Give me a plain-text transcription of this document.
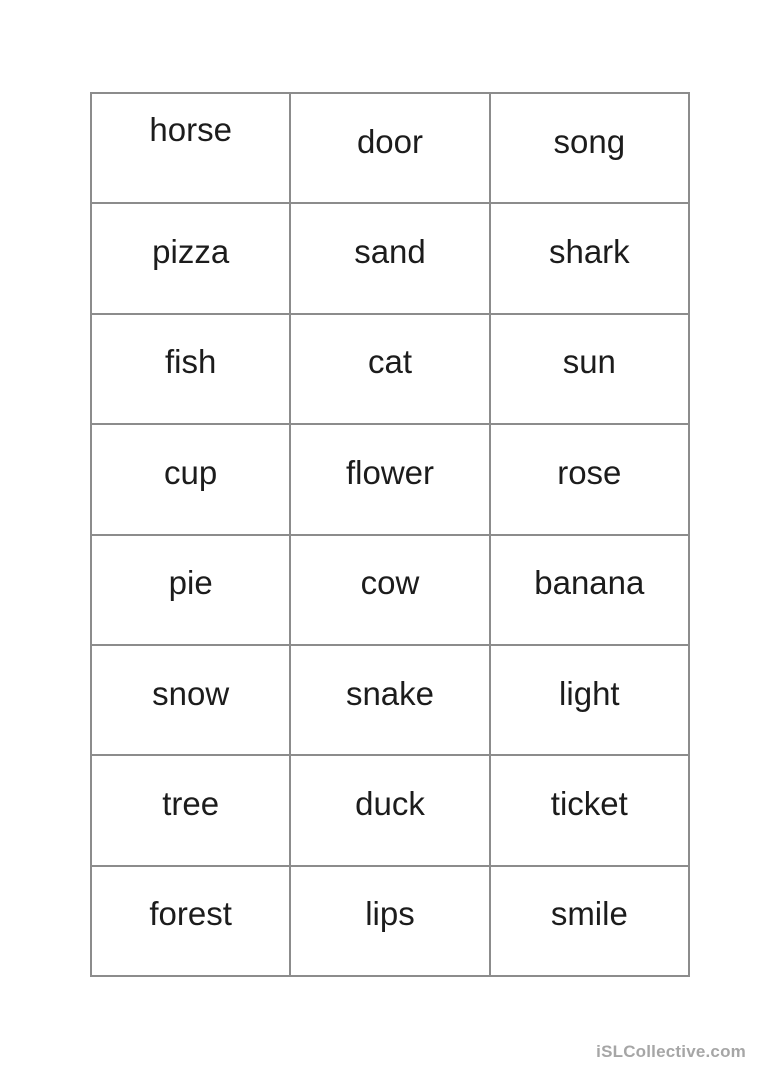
horse	door	song
pizza	sand	shark
fish	cat	sun
cup	flower	rose
pie	cow	banana
snow	snake	light
tree	duck	ticket
forest	lips	smile
iSLCollective.com
